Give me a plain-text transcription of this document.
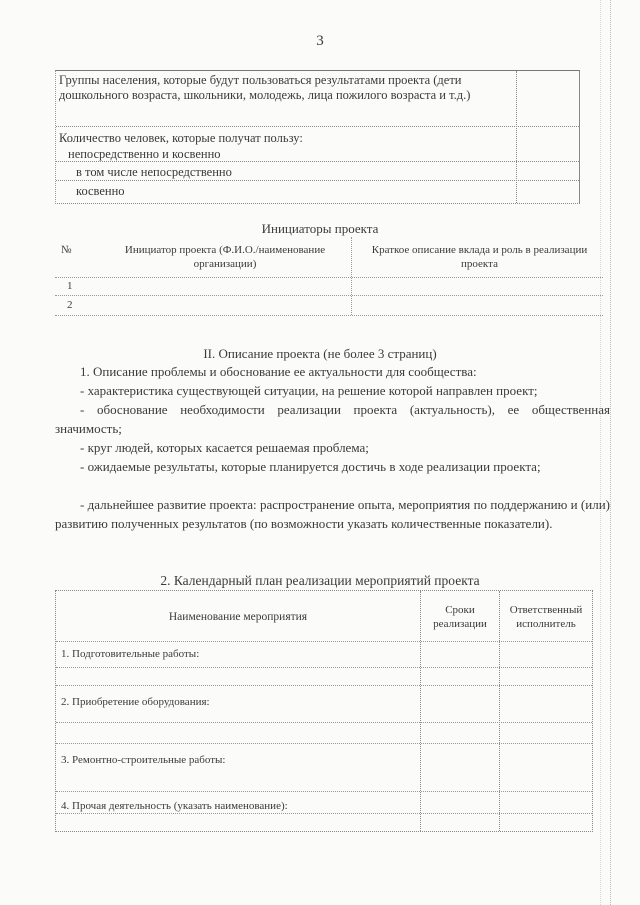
3
Группы населения, которые будут пользоваться результатами проекта (дети дошкольного возраста, школьники, молодежь, лица пожилого возраста и т.д.)
Количество человек, которые получат пользу:
непосредственно и косвенно
в том числе непосредственно
косвенно
Инициаторы проекта
№	Инициатор проекта (Ф.И.О./наименование организации)
Краткое описание вклада и роль в реализации проекта
1
2
II. Описание проекта (не более 3 страниц)
1. Описание проблемы и обоснование ее актуальности для сообщества:
- характеристика существующей ситуации, на решение которой направлен проект;
- обоснование необходимости реализации проекта (актуальность), ее общественная значимость;
- круг людей, которых касается решаемая проблема;
- ожидаемые результаты, которые планируется достичь в ходе реализации проекта;
- дальнейшее развитие проекта: распространение опыта, мероприятия по поддержанию и (или) развитию полученных результатов (по возможности указать количественные показатели).
2. Календарный план реализации мероприятий проекта
Наименование мероприятия
Сроки реализации
Ответственный исполнитель
1. Подготовительные работы:
2. Приобретение оборудования:
3. Ремонтно-строительные работы:
4. Прочая деятельность (указать наименование):
